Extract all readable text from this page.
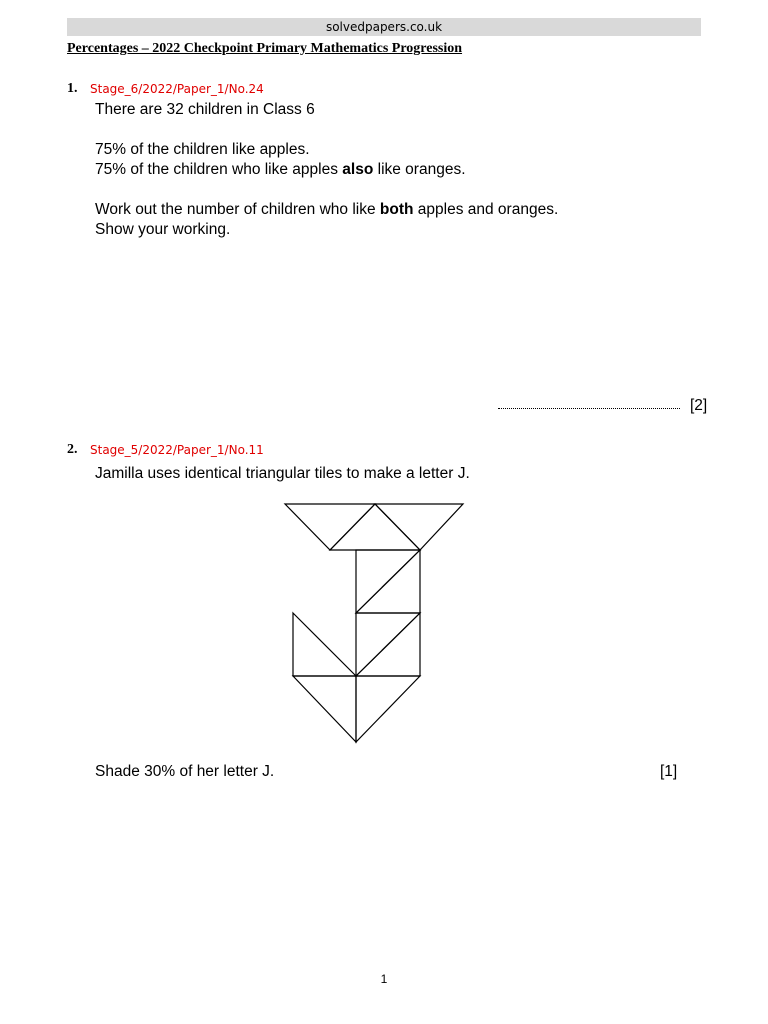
solvedpapers.co.uk
Percentages – 2022 Checkpoint Primary Mathematics Progression
1. Stage_6/2022/Paper_1/No.24
There are 32 children in Class 6
75% of the children like apples.
75% of the children who like apples also like oranges.
Work out the number of children who like both apples and oranges.
Show your working.
[2]
2. Stage_5/2022/Paper_1/No.11
Jamilla uses identical triangular tiles to make a letter J.
Shade 30% of her letter J.	[1]
1
